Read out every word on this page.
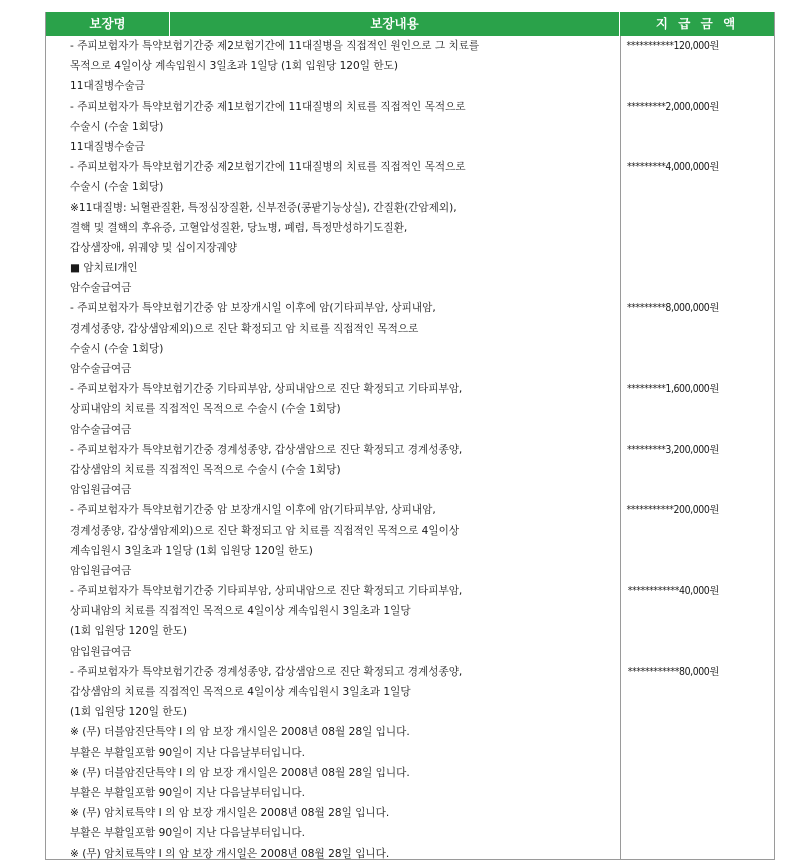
보장명	보장내용	지 급 금 액
- 주피보험자가 특약보험기간중 제2보험기간에 11대질병을 직접적인 원인으로 그 치료를	***********120,000원
목적으로 4일이상 계속입원시 3일초과 1일당 (1회 입원당 120일 한도)
11대질병수술금
- 주피보험자가 특약보험기간중 제1보험기간에 11대질병의 치료를 직접적인 목적으로	*********2,000,000원
수술시 (수술 1회당)
11대질병수술금
- 주피보험자가 특약보험기간중 제2보험기간에 11대질병의 치료를 직접적인 목적으로	*********4,000,000원
수술시 (수술 1회당)
※11대질병: 뇌혈관질환, 특정심장질환, 신부전증(콩팥기능상실), 간질환(간암제외),
결핵 및 결핵의 후유증, 고혈압성질환, 당뇨병, 폐렴, 특정만성하기도질환,
갑상샘장애, 위궤양 및 십이지장궤양
■ 암치료I개인
암수술급여금
- 주피보험자가 특약보험기간중 암 보장개시일 이후에 암(기타피부암, 상피내암,	*********8,000,000원
경계성종양, 갑상샘암제외)으로 진단 확정되고 암 치료를 직접적인 목적으로
수술시 (수술 1회당)
암수술급여금
- 주피보험자가 특약보험기간중 기타피부암, 상피내암으로 진단 확정되고 기타피부암,	*********1,600,000원
상피내암의 치료를 직접적인 목적으로 수술시 (수술 1회당)
암수술급여금
- 주피보험자가 특약보험기간중 경계성종양, 갑상샘암으로 진단 확정되고 경계성종양,	*********3,200,000원
갑상샘암의 치료를 직접적인 목적으로 수술시 (수술 1회당)
암입원급여금
- 주피보험자가 특약보험기간중 암 보장개시일 이후에 암(기타피부암, 상피내암,	***********200,000원
경계성종양, 갑상샘암제외)으로 진단 확정되고 암 치료를 직접적인 목적으로 4일이상
계속입원시 3일초과 1일당 (1회 입원당 120일 한도)
암입원급여금
- 주피보험자가 특약보험기간중 기타피부암, 상피내암으로 진단 확정되고 기타피부암,	************40,000원
상피내암의 치료를 직접적인 목적으로 4일이상 계속입원시 3일초과 1일당
(1회 입원당 120일 한도)
암입원급여금
- 주피보험자가 특약보험기간중 경계성종양, 갑상샘암으로 진단 확정되고 경계성종양,	************80,000원
갑상샘암의 치료를 직접적인 목적으로 4일이상 계속입원시 3일초과 1일당
(1회 입원당 120일 한도)
※ (무) 더블암진단특약 I 의 암 보장 개시일은 2008년 08월 28일 입니다.
부활은 부활일포함 90일이 지난 다음날부터입니다.
※ (무) 더블암진단특약 I 의 암 보장 개시일은 2008년 08월 28일 입니다.
부활은 부활일포함 90일이 지난 다음날부터입니다.
※ (무) 암치료특약 I 의 암 보장 개시일은 2008년 08월 28일 입니다.
부활은 부활일포함 90일이 지난 다음날부터입니다.
※ (무) 암치료특약 I 의 암 보장 개시일은 2008년 08월 28일 입니다.
